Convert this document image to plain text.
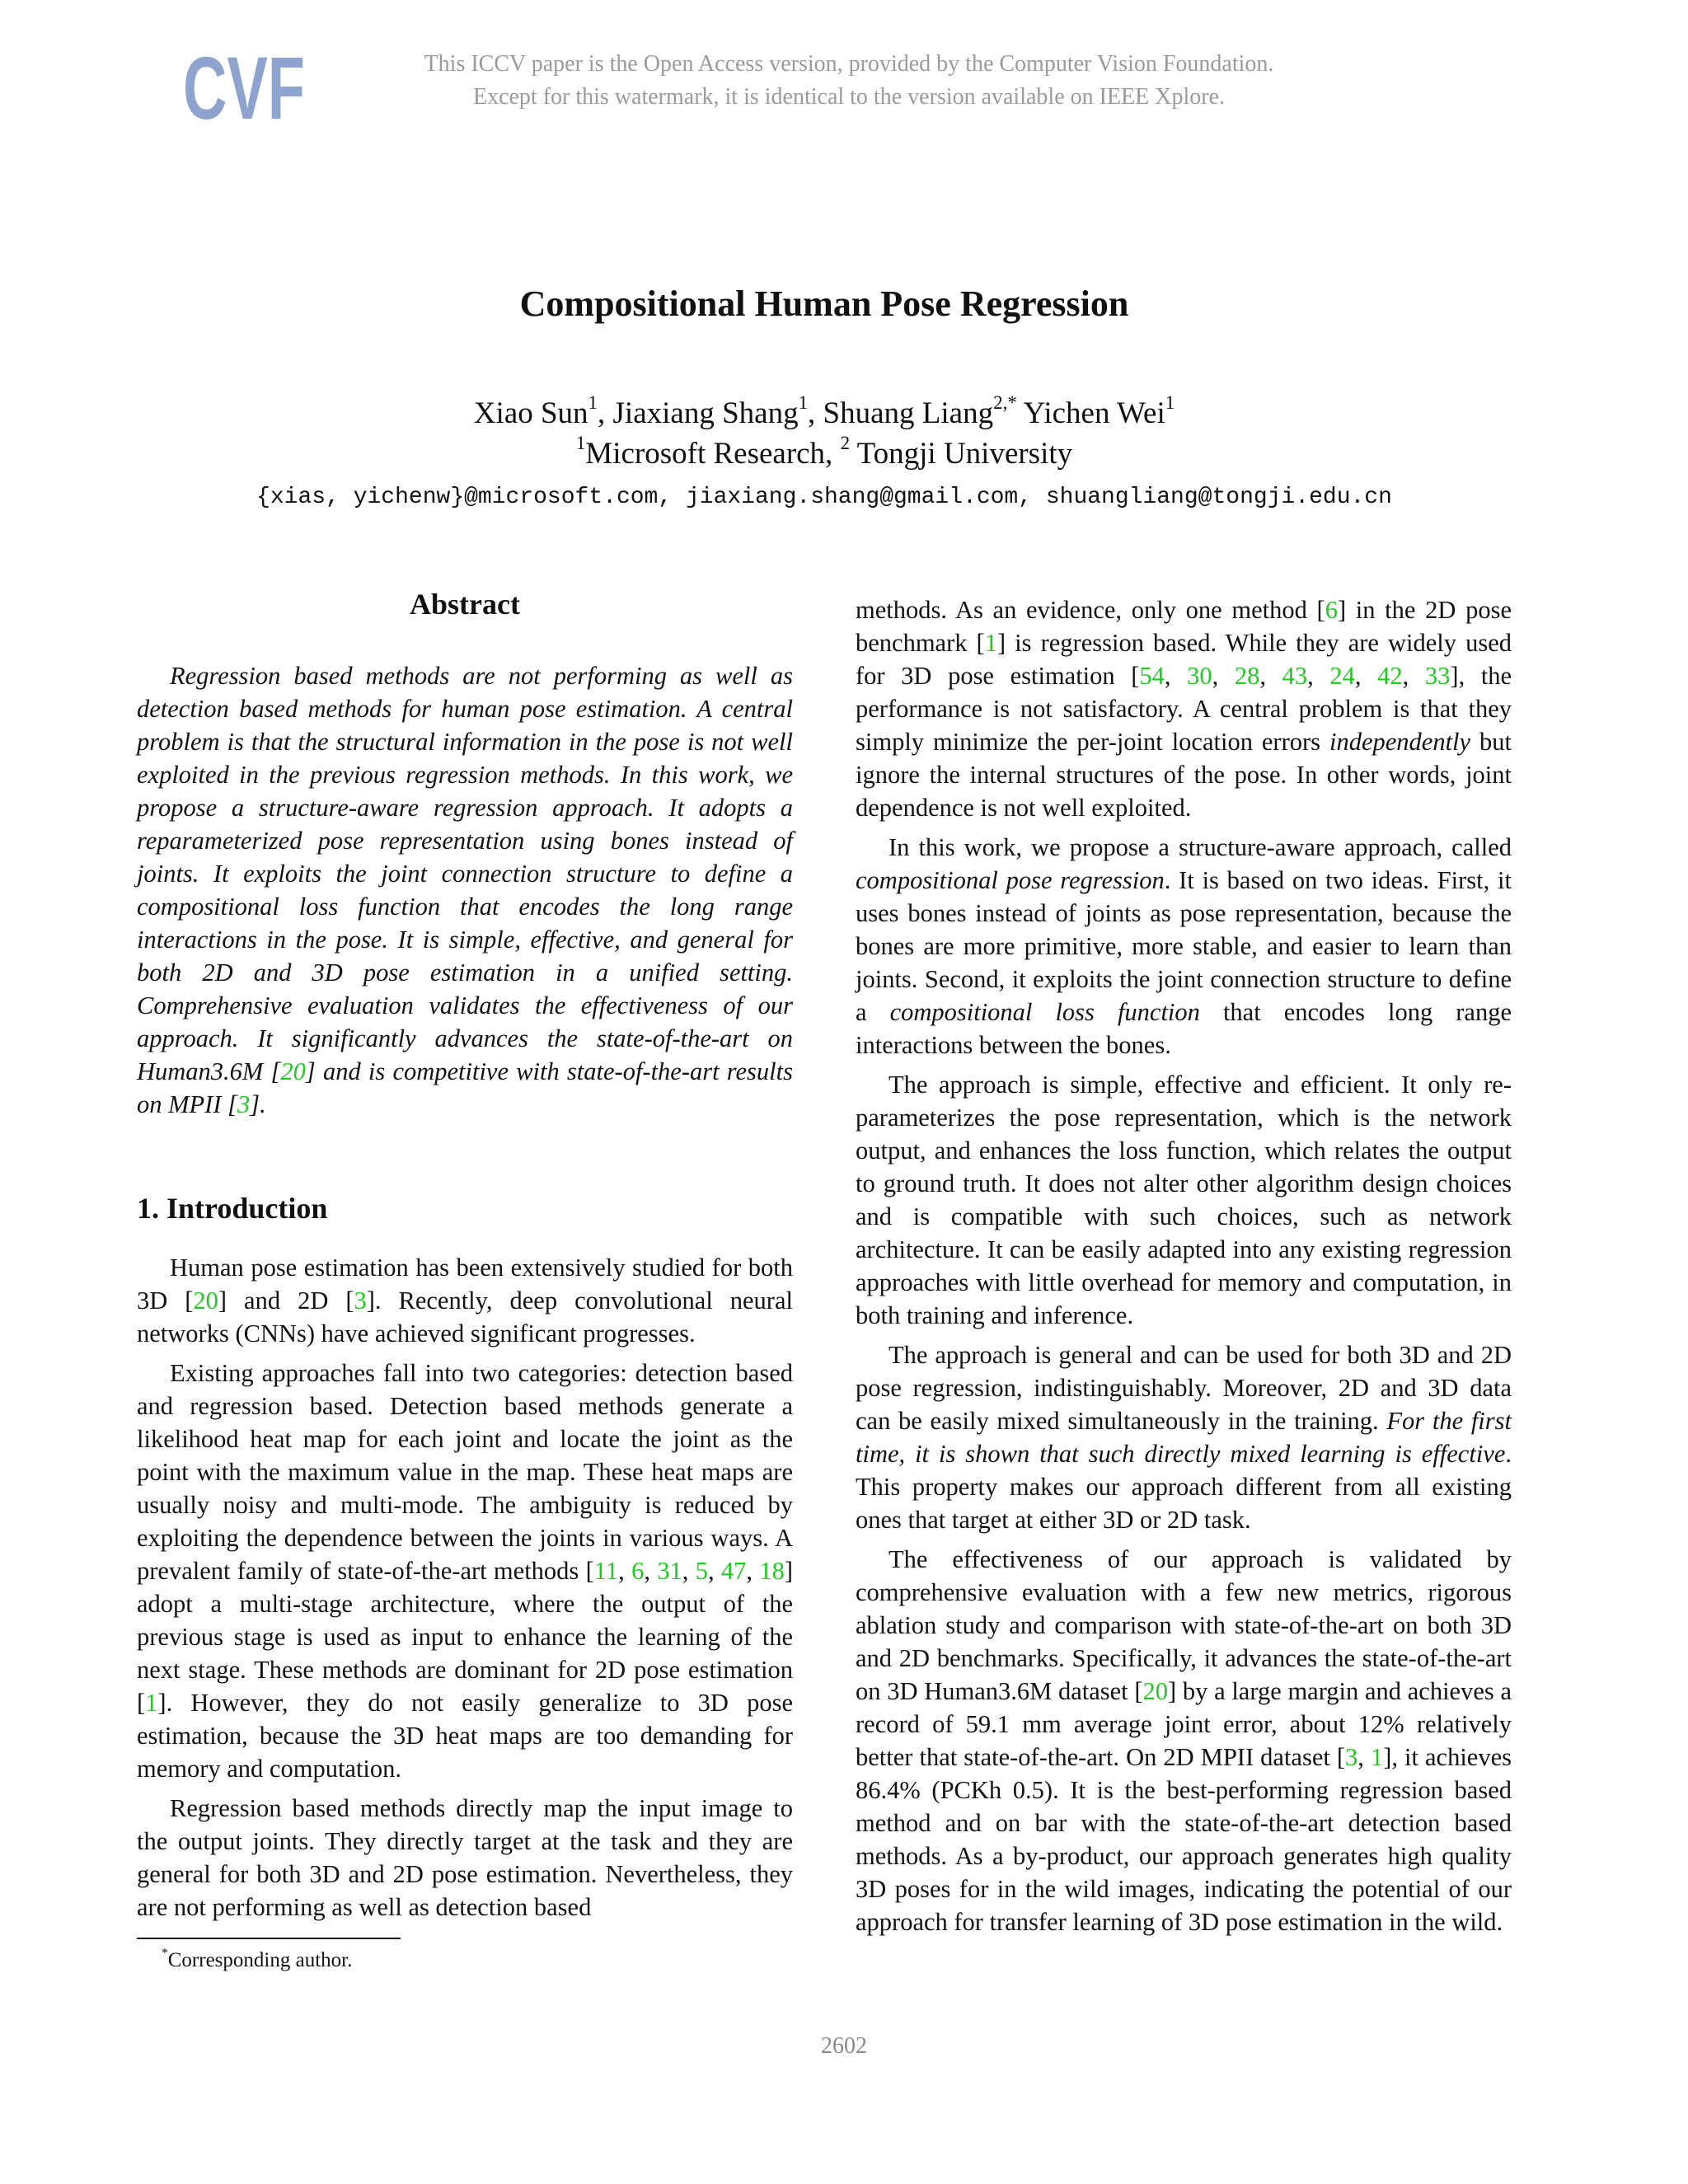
CVF	This ICCV paper is the Open Access version, provided by the Computer Vision Foundation.
Except for this watermark, it is identical to the version available on IEEE Xplore.
Compositional Human Pose Regression
Xiao Sun$^1$, Jiaxiang Shang$^1$, Shuang Liang$^{2,*}$ Yichen Wei$^1$
$^1$Microsoft Research, $^2$ Tongji University
{xias, yichenw}@microsoft.com, jiaxiang.shang@gmail.com, shuangliang@tongji.edu.cn
Abstract

Regression based methods are not performing as well as detection based methods for human pose estimation. A central problem is that the structural information in the pose is not well exploited in the previous regression methods. In this work, we propose a structure-aware regression approach. It adopts a reparameterized pose representation using bones instead of joints. It exploits the joint connection structure to define a compositional loss function that encodes the long range interactions in the pose. It is simple, effective, and general for both 2D and 3D pose estimation in a unified setting. Comprehensive evaluation validates the effectiveness of our approach. It significantly advances the state-of-the-art on Human3.6M [20] and is competitive with state-of-the-art results on MPII [3].

1. Introduction

Human pose estimation has been extensively studied for both 3D [20] and 2D [3]. Recently, deep convolutional neural networks (CNNs) have achieved significant progresses.

Existing approaches fall into two categories: detection based and regression based. Detection based methods generate a likelihood heat map for each joint and locate the joint as the point with the maximum value in the map. These heat maps are usually noisy and multi-mode. The ambiguity is reduced by exploiting the dependence between the joints in various ways. A prevalent family of state-of-the-art methods [11, 6, 31, 5, 47, 18] adopt a multi-stage architecture, where the output of the previous stage is used as input to enhance the learning of the next stage. These methods are dominant for 2D pose estimation [1]. However, they do not easily generalize to 3D pose estimation, because the 3D heat maps are too demanding for memory and computation.

Regression based methods directly map the input image to the output joints. They directly target at the task and they are general for both 3D and 2D pose estimation. Nevertheless, they are not performing as well as detection based

methods. As an evidence, only one method [6] in the 2D pose benchmark [1] is regression based. While they are widely used for 3D pose estimation [54, 30, 28, 43, 24, 42, 33], the performance is not satisfactory. A central problem is that they simply minimize the per-joint location errors independently but ignore the internal structures of the pose. In other words, joint dependence is not well exploited.

In this work, we propose a structure-aware approach, called compositional pose regression. It is based on two ideas. First, it uses bones instead of joints as pose representation, because the bones are more primitive, more stable, and easier to learn than joints. Second, it exploits the joint connection structure to define a compositional loss function that encodes long range interactions between the bones.

The approach is simple, effective and efficient. It only re-parameterizes the pose representation, which is the network output, and enhances the loss function, which relates the output to ground truth. It does not alter other algorithm design choices and is compatible with such choices, such as network architecture. It can be easily adapted into any existing regression approaches with little overhead for memory and computation, in both training and inference.

The approach is general and can be used for both 3D and 2D pose regression, indistinguishably. Moreover, 2D and 3D data can be easily mixed simultaneously in the training. For the first time, it is shown that such directly mixed learning is effective. This property makes our approach different from all existing ones that target at either 3D or 2D task.

The effectiveness of our approach is validated by comprehensive evaluation with a few new metrics, rigorous ablation study and comparison with state-of-the-art on both 3D and 2D benchmarks. Specifically, it advances the state-of-the-art on 3D Human3.6M dataset [20] by a large margin and achieves a record of 59.1 mm average joint error, about 12% relatively better that state-of-the-art. On 2D MPII dataset [3, 1], it achieves 86.4% (PCKh 0.5). It is the best-performing regression based method and on bar with the state-of-the-art detection based methods. As a by-product, our approach generates high quality 3D poses for in the wild images, indicating the potential of our approach for transfer learning of 3D pose estimation in the wild.

*Corresponding author.
2602
